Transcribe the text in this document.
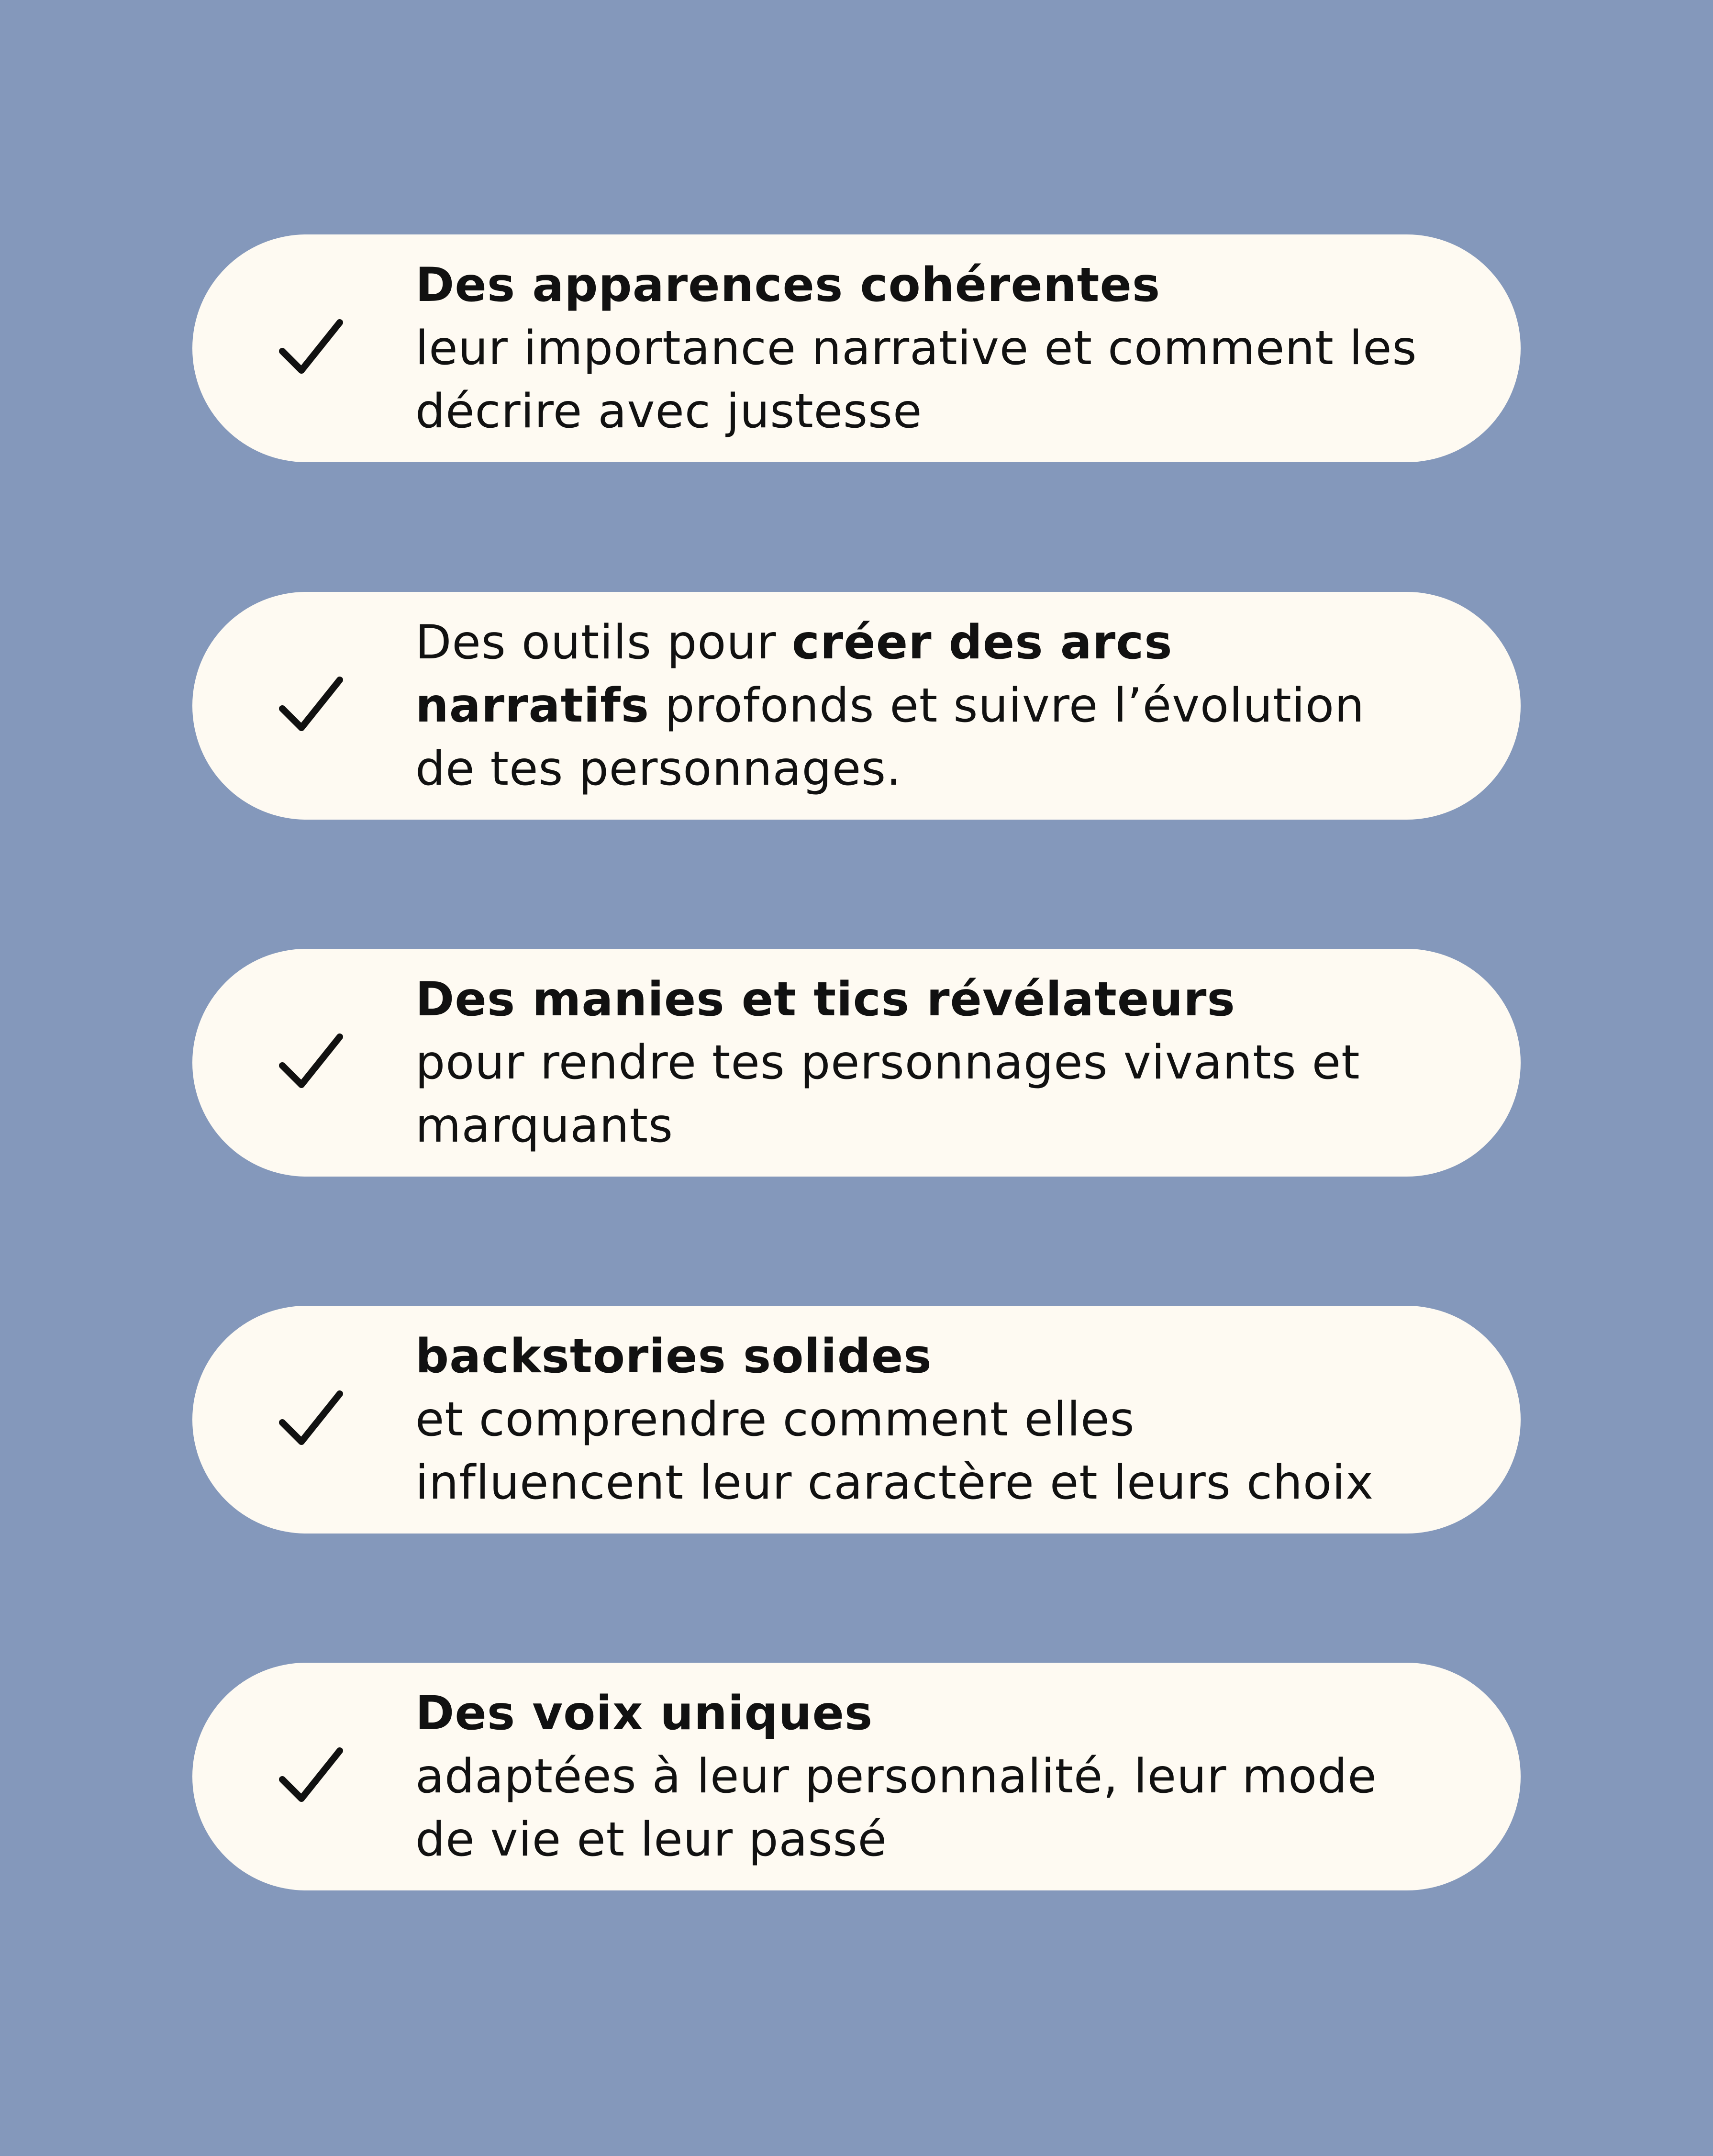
Des apparences cohérentes
leur importance narrative et comment les
décrire avec justesse
Des outils pour créer des arcs
narratifs profonds et suivre l’évolution
de tes personnages.
Des manies et tics révélateurs
pour rendre tes personnages vivants et
marquants
backstories solides
et comprendre comment elles
influencent leur caractère et leurs choix
Des voix uniques
adaptées à leur personnalité, leur mode
de vie et leur passé
